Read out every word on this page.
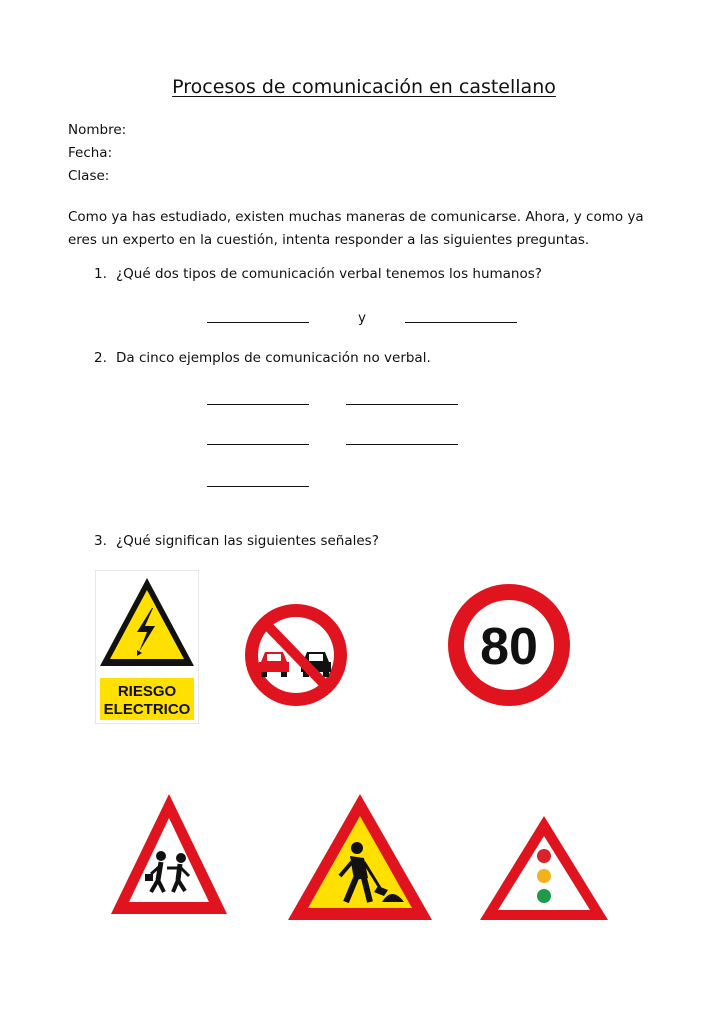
Procesos de comunicación en castellano
Nombre:
Fecha:
Clase:
Como ya has estudiado, existen muchas maneras de comunicarse. Ahora, y como ya
eres un experto en la cuestión, intenta responder a las siguientes preguntas.
1. ¿Qué dos tipos de comunicación verbal tenemos los humanos?
y
2. Da cinco ejemplos de comunicación no verbal.
3. ¿Qué significan las siguientes señales?
RIESGO
ELECTRICO
80
